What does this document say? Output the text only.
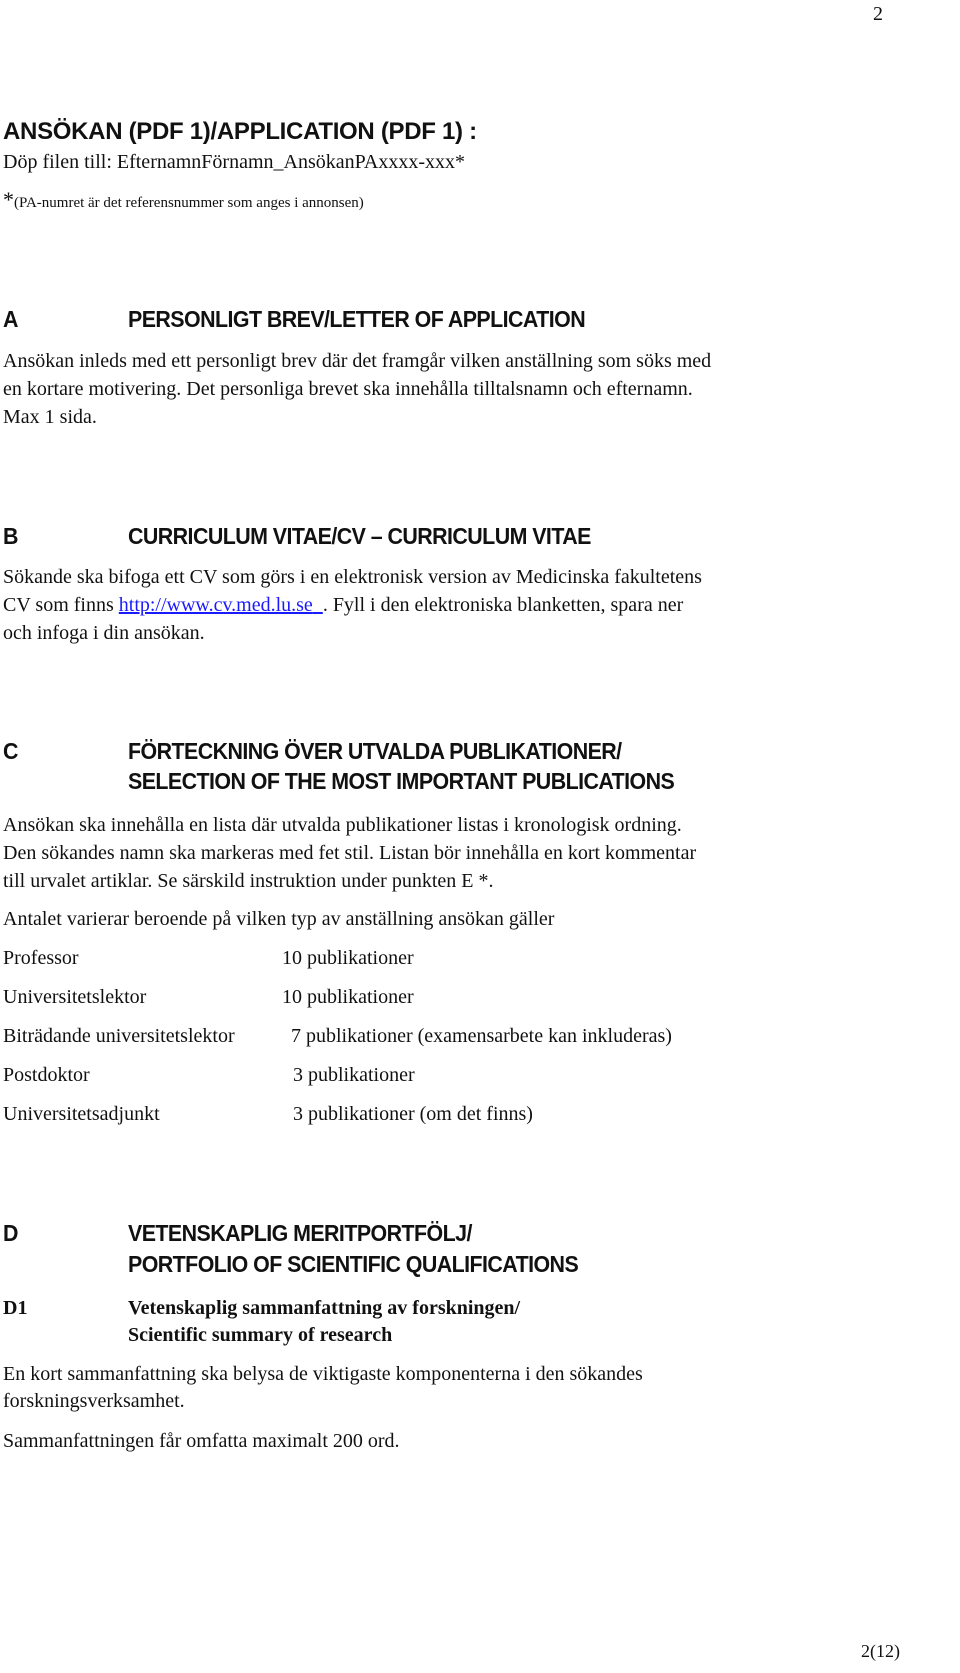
2
ANSÖKAN (PDF 1)/APPLICATION (PDF 1) :
Döp filen till: EfternamnFörnamn_AnsökanPAxxxx-xxx*
*(PA-numret är det referensnummer som anges i annonsen)
A	PERSONLIGT BREV/LETTER OF APPLICATION
Ansökan inleds med ett personligt brev där det framgår vilken anställning som söks med
en kortare motivering. Det personliga brevet ska innehålla tilltalsnamn och efternamn.
Max 1 sida.
B	CURRICULUM VITAE/CV – CURRICULUM VITAE
Sökande ska bifoga ett CV som görs i en elektronisk version av Medicinska fakultetens
CV som finns http://www.cv.med.lu.se . Fyll i den elektroniska blanketten, spara ner
och infoga i din ansökan.
C	FÖRTECKNING ÖVER UTVALDA PUBLIKATIONER/
SELECTION OF THE MOST IMPORTANT PUBLICATIONS
Ansökan ska innehålla en lista där utvalda publikationer listas i kronologisk ordning.
Den sökandes namn ska markeras med fet stil. Listan bör innehålla en kort kommentar
till urvalet artiklar. Se särskild instruktion under punkten E *.
Antalet varierar beroende på vilken typ av anställning ansökan gäller
Professor	10 publikationer
Universitetslektor	10 publikationer
Biträdande universitetslektor	7 publikationer (examensarbete kan inkluderas)
Postdoktor	3 publikationer
Universitetsadjunkt	3 publikationer (om det finns)
D	VETENSKAPLIG MERITPORTFÖLJ/
PORTFOLIO OF SCIENTIFIC QUALIFICATIONS
D1	Vetenskaplig sammanfattning av forskningen/
Scientific summary of research
En kort sammanfattning ska belysa de viktigaste komponenterna i den sökandes
forskningsverksamhet.
Sammanfattningen får omfatta maximalt 200 ord.
2(12)
